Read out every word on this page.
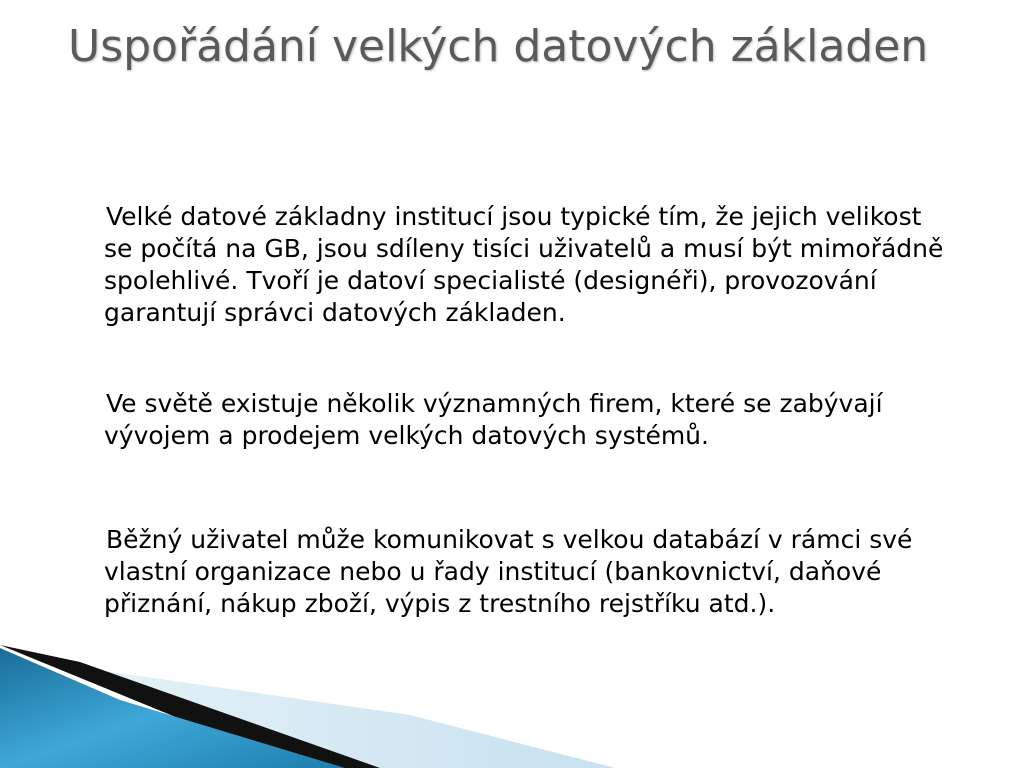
Uspořádání velkých datových základen

Velké datové základny institucí jsou typické tím, že jejich velikost se počítá na GB, jsou sdíleny tisíci uživatelů a musí být mimořádně spolehlivé. Tvoří je datoví specialisté (designéři), provozování garantují správci datových základen.

Ve světě existuje několik významných firem, které se zabývají vývojem a prodejem velkých datových systémů.

Běžný uživatel může komunikovat s velkou databází v rámci své vlastní organizace nebo u řady institucí (bankovnictví, daňové přiznání, nákup zboží, výpis z trestního rejstříku atd.).
